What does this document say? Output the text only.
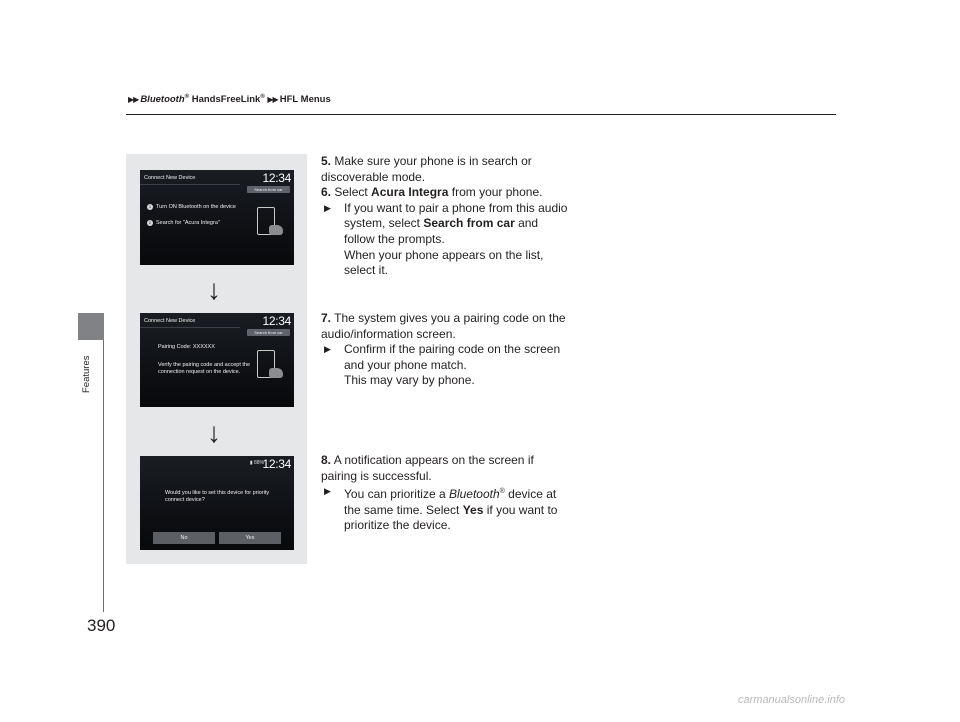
▶▶ Bluetooth® HandsFreeLink® ▶▶ HFL Menus
Features
390
Connect New Device	12:34
Search from car
1 Turn ON Bluetooth on the device
2 Search for "Acura Integra"
↓
Connect New Device	12:34
Search from car
Pairing Code: XXXXXX
Verify the pairing code and accept the connection request on the device.
↓
▮ 88%
12:34
Would you like to set this device for priority connect device?
No	Yes
5. Make sure your phone is in search or discoverable mode.
6. Select Acura Integra from your phone.
▶	If you want to pair a phone from this audio system, select Search from car and follow the prompts.
When your phone appears on the list, select it.
7. The system gives you a pairing code on the audio/information screen.
▶	Confirm if the pairing code on the screen and your phone match.
This may vary by phone.
8. A notification appears on the screen if pairing is successful.
▶	You can prioritize a Bluetooth® device at the same time. Select Yes if you want to prioritize the device.
carmanualsonline.info
